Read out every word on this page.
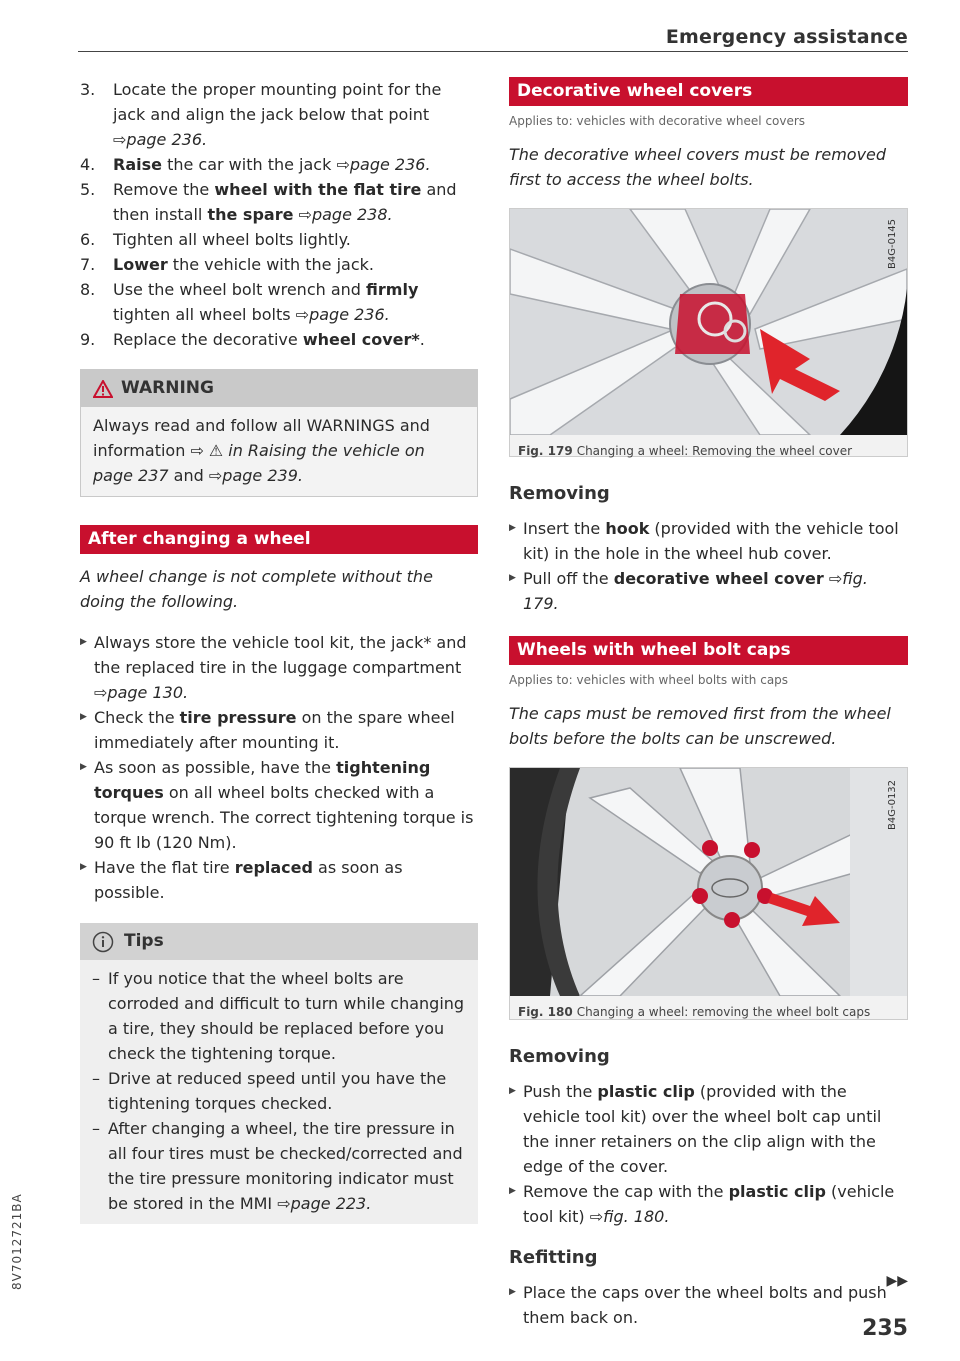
Emergency assistance
8V7012721BA
3. Locate the proper mounting point for the jack and align the jack below that point ⇨page 236.
4. Raise the car with the jack ⇨page 236.
5. Remove the wheel with the flat tire and then install the spare ⇨page 238.
6. Tighten all wheel bolts lightly.
7. Lower the vehicle with the jack.
8. Use the wheel bolt wrench and firmly tighten all wheel bolts ⇨page 236.
9. Replace the decorative wheel cover*.
WARNING
Always read and follow all WARNINGS and information ⇨ ⚠ in Raising the vehicle on page 237 and ⇨page 239.
After changing a wheel
A wheel change is not complete without the doing the following.
▶ Always store the vehicle tool kit, the jack* and the replaced tire in the luggage compartment ⇨page 130.
▶ Check the tire pressure on the spare wheel immediately after mounting it.
▶ As soon as possible, have the tightening torques on all wheel bolts checked with a torque wrench. The correct tightening torque is 90 ft lb (120 Nm).
▶ Have the flat tire replaced as soon as possible.
Tips
– If you notice that the wheel bolts are corroded and difficult to turn while changing a tire, they should be replaced before you check the tightening torque.
– Drive at reduced speed until you have the tightening torques checked.
– After changing a wheel, the tire pressure in all four tires must be checked/corrected and the tire pressure monitoring indicator must be stored in the MMI ⇨page 223.
Decorative wheel covers
Applies to: vehicles with decorative wheel covers
The decorative wheel covers must be removed first to access the wheel bolts.
B4G-0145
Fig. 179 Changing a wheel: Removing the wheel cover
Removing
▶ Insert the hook (provided with the vehicle tool kit) in the hole in the wheel hub cover.
▶ Pull off the decorative wheel cover ⇨fig. 179.
Wheels with wheel bolt caps
Applies to: vehicles with wheel bolts with caps
The caps must be removed first from the wheel bolts before the bolts can be unscrewed.
B4G-0132
Fig. 180 Changing a wheel: removing the wheel bolt caps
Removing
▶ Push the plastic clip (provided with the vehicle tool kit) over the wheel bolt cap until the inner retainers on the clip align with the edge of the cover.
▶ Remove the cap with the plastic clip (vehicle tool kit) ⇨fig. 180.
Refitting
▶ Place the caps over the wheel bolts and push them back on.
▶▶
235
